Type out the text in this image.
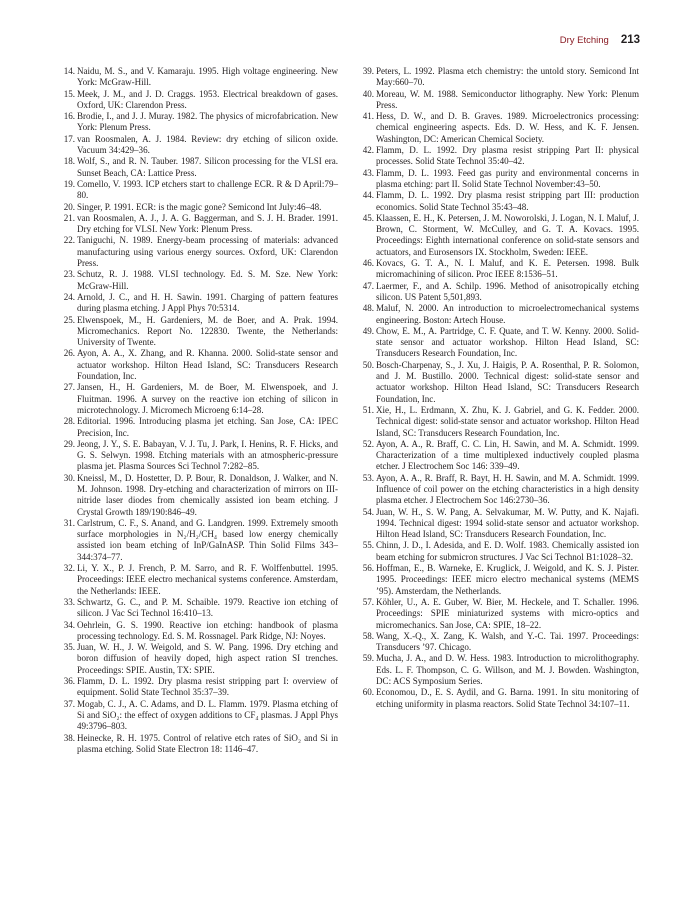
Dry Etching 213
14. Naidu, M. S., and V. Kamaraju. 1995. High voltage engineering. New York: McGraw-Hill.
15. Meek, J. M., and J. D. Craggs. 1953. Electrical breakdown of gases. Oxford, UK: Clarendon Press.
16. Brodie, I., and J. J. Muray. 1982. The physics of microfabrication. New York: Plenum Press.
17. van Roosmalen, A. J. 1984. Review: dry etching of silicon oxide. Vacuum 34:429–36.
18. Wolf, S., and R. N. Tauber. 1987. Silicon processing for the VLSI era. Sunset Beach, CA: Lattice Press.
19. Comello, V. 1993. ICP etchers start to challenge ECR. R & D April:79–80.
20. Singer, P. 1991. ECR: is the magic gone? Semicond Int July:46–48.
21. van Roosmalen, A. J., J. A. G. Baggerman, and S. J. H. Brader. 1991. Dry etching for VLSI. New York: Plenum Press.
22. Taniguchi, N. 1989. Energy-beam processing of materials: advanced manufacturing using various energy sources. Oxford, UK: Clarendon Press.
23. Schutz, R. J. 1988. VLSI technology. Ed. S. M. Sze. New York: McGraw-Hill.
24. Arnold, J. C., and H. H. Sawin. 1991. Charging of pattern features during plasma etching. J Appl Phys 70:5314.
25. Elwenspoek, M., H. Gardeniers, M. de Boer, and A. Prak. 1994. Micromechanics. Report No. 122830. Twente, the Netherlands: University of Twente.
26. Ayon, A. A., X. Zhang, and R. Khanna. 2000. Solid-state sensor and actuator workshop. Hilton Head Island, SC: Transducers Research Foundation, Inc.
27. Jansen, H., H. Gardeniers, M. de Boer, M. Elwenspoek, and J. Fluitman. 1996. A survey on the reactive ion etching of silicon in microtechnology. J. Micromech Microeng 6:14–28.
28. Editorial. 1996. Introducing plasma jet etching. San Jose, CA: IPEC Precision, Inc.
29. Jeong, J. Y., S. E. Babayan, V. J. Tu, J. Park, I. Henins, R. F. Hicks, and G. S. Selwyn. 1998. Etching materials with an atmospheric-pressure plasma jet. Plasma Sources Sci Technol 7:282–85.
30. Kneissl, M., D. Hostetter, D. P. Bour, R. Donaldson, J. Walker, and N. M. Johnson. 1998. Dry-etching and characterization of mirrors on III-nitride laser diodes from chemically assisted ion beam etching. J Crystal Growth 189/190:846–49.
31. Carlstrum, C. F., S. Anand, and G. Landgren. 1999. Extremely smooth surface morphologies in N₂/H₂/CH₄ based low energy chemically assisted ion beam etching of InP/GaInASP. Thin Solid Films 343–344:374–77.
32. Li, Y. X., P. J. French, P. M. Sarro, and R. F. Wolffenbuttel. 1995. Proceedings: IEEE electro mechanical systems conference. Amsterdam, the Netherlands: IEEE.
33. Schwartz, G. C., and P. M. Schaible. 1979. Reactive ion etching of silicon. J Vac Sci Technol 16:410–13.
34. Oehrlein, G. S. 1990. Reactive ion etching: handbook of plasma processing technology. Ed. S. M. Rossnagel. Park Ridge, NJ: Noyes.
35. Juan, W. H., J. W. Weigold, and S. W. Pang. 1996. Dry etching and boron diffusion of heavily doped, high aspect ration SI trenches. Proceedings: SPIE. Austin, TX: SPIE.
36. Flamm, D. L. 1992. Dry plasma resist stripping part I: overview of equipment. Solid State Technol 35:37–39.
37. Mogab, C. J., A. C. Adams, and D. L. Flamm. 1979. Plasma etching of Si and SiO₂: the effect of oxygen additions to CF₄ plasmas. J Appl Phys 49:3796–803.
38. Heinecke, R. H. 1975. Control of relative etch rates of SiO₂ and Si in plasma etching. Solid State Electron 18: 1146–47.
39. Peters, L. 1992. Plasma etch chemistry: the untold story. Semicond Int May:660–70.
40. Moreau, W. M. 1988. Semiconductor lithography. New York: Plenum Press.
41. Hess, D. W., and D. B. Graves. 1989. Microelectronics processing: chemical engineering aspects. Eds. D. W. Hess, and K. F. Jensen. Washington, DC: American Chemical Society.
42. Flamm, D. L. 1992. Dry plasma resist stripping Part II: physical processes. Solid State Technol 35:40–42.
43. Flamm, D. L. 1993. Feed gas purity and environmental concerns in plasma etching: part II. Solid State Technol November:43–50.
44. Flamm, D. L. 1992. Dry plasma resist stripping part III: production economics. Solid State Technol 35:43–48.
45. Klaassen, E. H., K. Petersen, J. M. Noworolski, J. Logan, N. I. Maluf, J. Brown, C. Storment, W. McCulley, and G. T. A. Kovacs. 1995. Proceedings: Eighth international conference on solid-state sensors and actuators, and Eurosensors IX. Stockholm, Sweden: IEEE.
46. Kovacs, G. T. A., N. I. Maluf, and K. E. Petersen. 1998. Bulk micromachining of silicon. Proc IEEE 8:1536–51.
47. Laermer, F., and A. Schilp. 1996. Method of anisotropically etching silicon. US Patent 5,501,893.
48. Maluf, N. 2000. An introduction to microelectromechanical systems engineering. Boston: Artech House.
49. Chow, E. M., A. Partridge, C. F. Quate, and T. W. Kenny. 2000. Solid-state sensor and actuator workshop. Hilton Head Island, SC: Transducers Research Foundation, Inc.
50. Bosch-Charpenay, S., J. Xu, J. Haigis, P. A. Rosenthal, P. R. Solomon, and J. M. Bustillo. 2000. Technical digest: solid-state sensor and actuator workshop. Hilton Head Island, SC: Transducers Research Foundation, Inc.
51. Xie, H., L. Erdmann, X. Zhu, K. J. Gabriel, and G. K. Fedder. 2000. Technical digest: solid-state sensor and actuator workshop. Hilton Head Island, SC: Transducers Research Foundation, Inc.
52. Ayon, A. A., R. Braff, C. C. Lin, H. Sawin, and M. A. Schmidt. 1999. Characterization of a time multiplexed inductively coupled plasma etcher. J Electrochem Soc 146: 339–49.
53. Ayon, A. A., R. Braff, R. Bayt, H. H. Sawin, and M. A. Schmidt. 1999. Influence of coil power on the etching characteristics in a high density plasma etcher. J Electrochem Soc 146:2730–36.
54. Juan, W. H., S. W. Pang, A. Selvakumar, M. W. Putty, and K. Najafi. 1994. Technical digest: 1994 solid-state sensor and actuator workshop. Hilton Head Island, SC: Transducers Research Foundation, Inc.
55. Chinn, J. D., I. Adesida, and E. D. Wolf. 1983. Chemically assisted ion beam etching for submicron structures. J Vac Sci Technol B1:1028–32.
56. Hoffman, E., B. Warneke, E. Kruglick, J. Weigold, and K. S. J. Pister. 1995. Proceedings: IEEE micro electro mechanical systems (MEMS ’95). Amsterdam, the Netherlands.
57. Köhler, U., A. E. Guber, W. Bier, M. Heckele, and T. Schaller. 1996. Proceedings: SPIE miniaturized systems with micro-optics and micromechanics. San Jose, CA: SPIE, 18–22.
58. Wang, X.-Q., X. Zang, K. Walsh, and Y.-C. Tai. 1997. Proceedings: Transducers ’97. Chicago.
59. Mucha, J. A., and D. W. Hess. 1983. Introduction to microlithography. Eds. L. F. Thompson, C. G. Willson, and M. J. Bowden. Washington, DC: ACS Symposium Series.
60. Economou, D., E. S. Aydil, and G. Barna. 1991. In situ monitoring of etching uniformity in plasma reactors. Solid State Technol 34:107–11.
